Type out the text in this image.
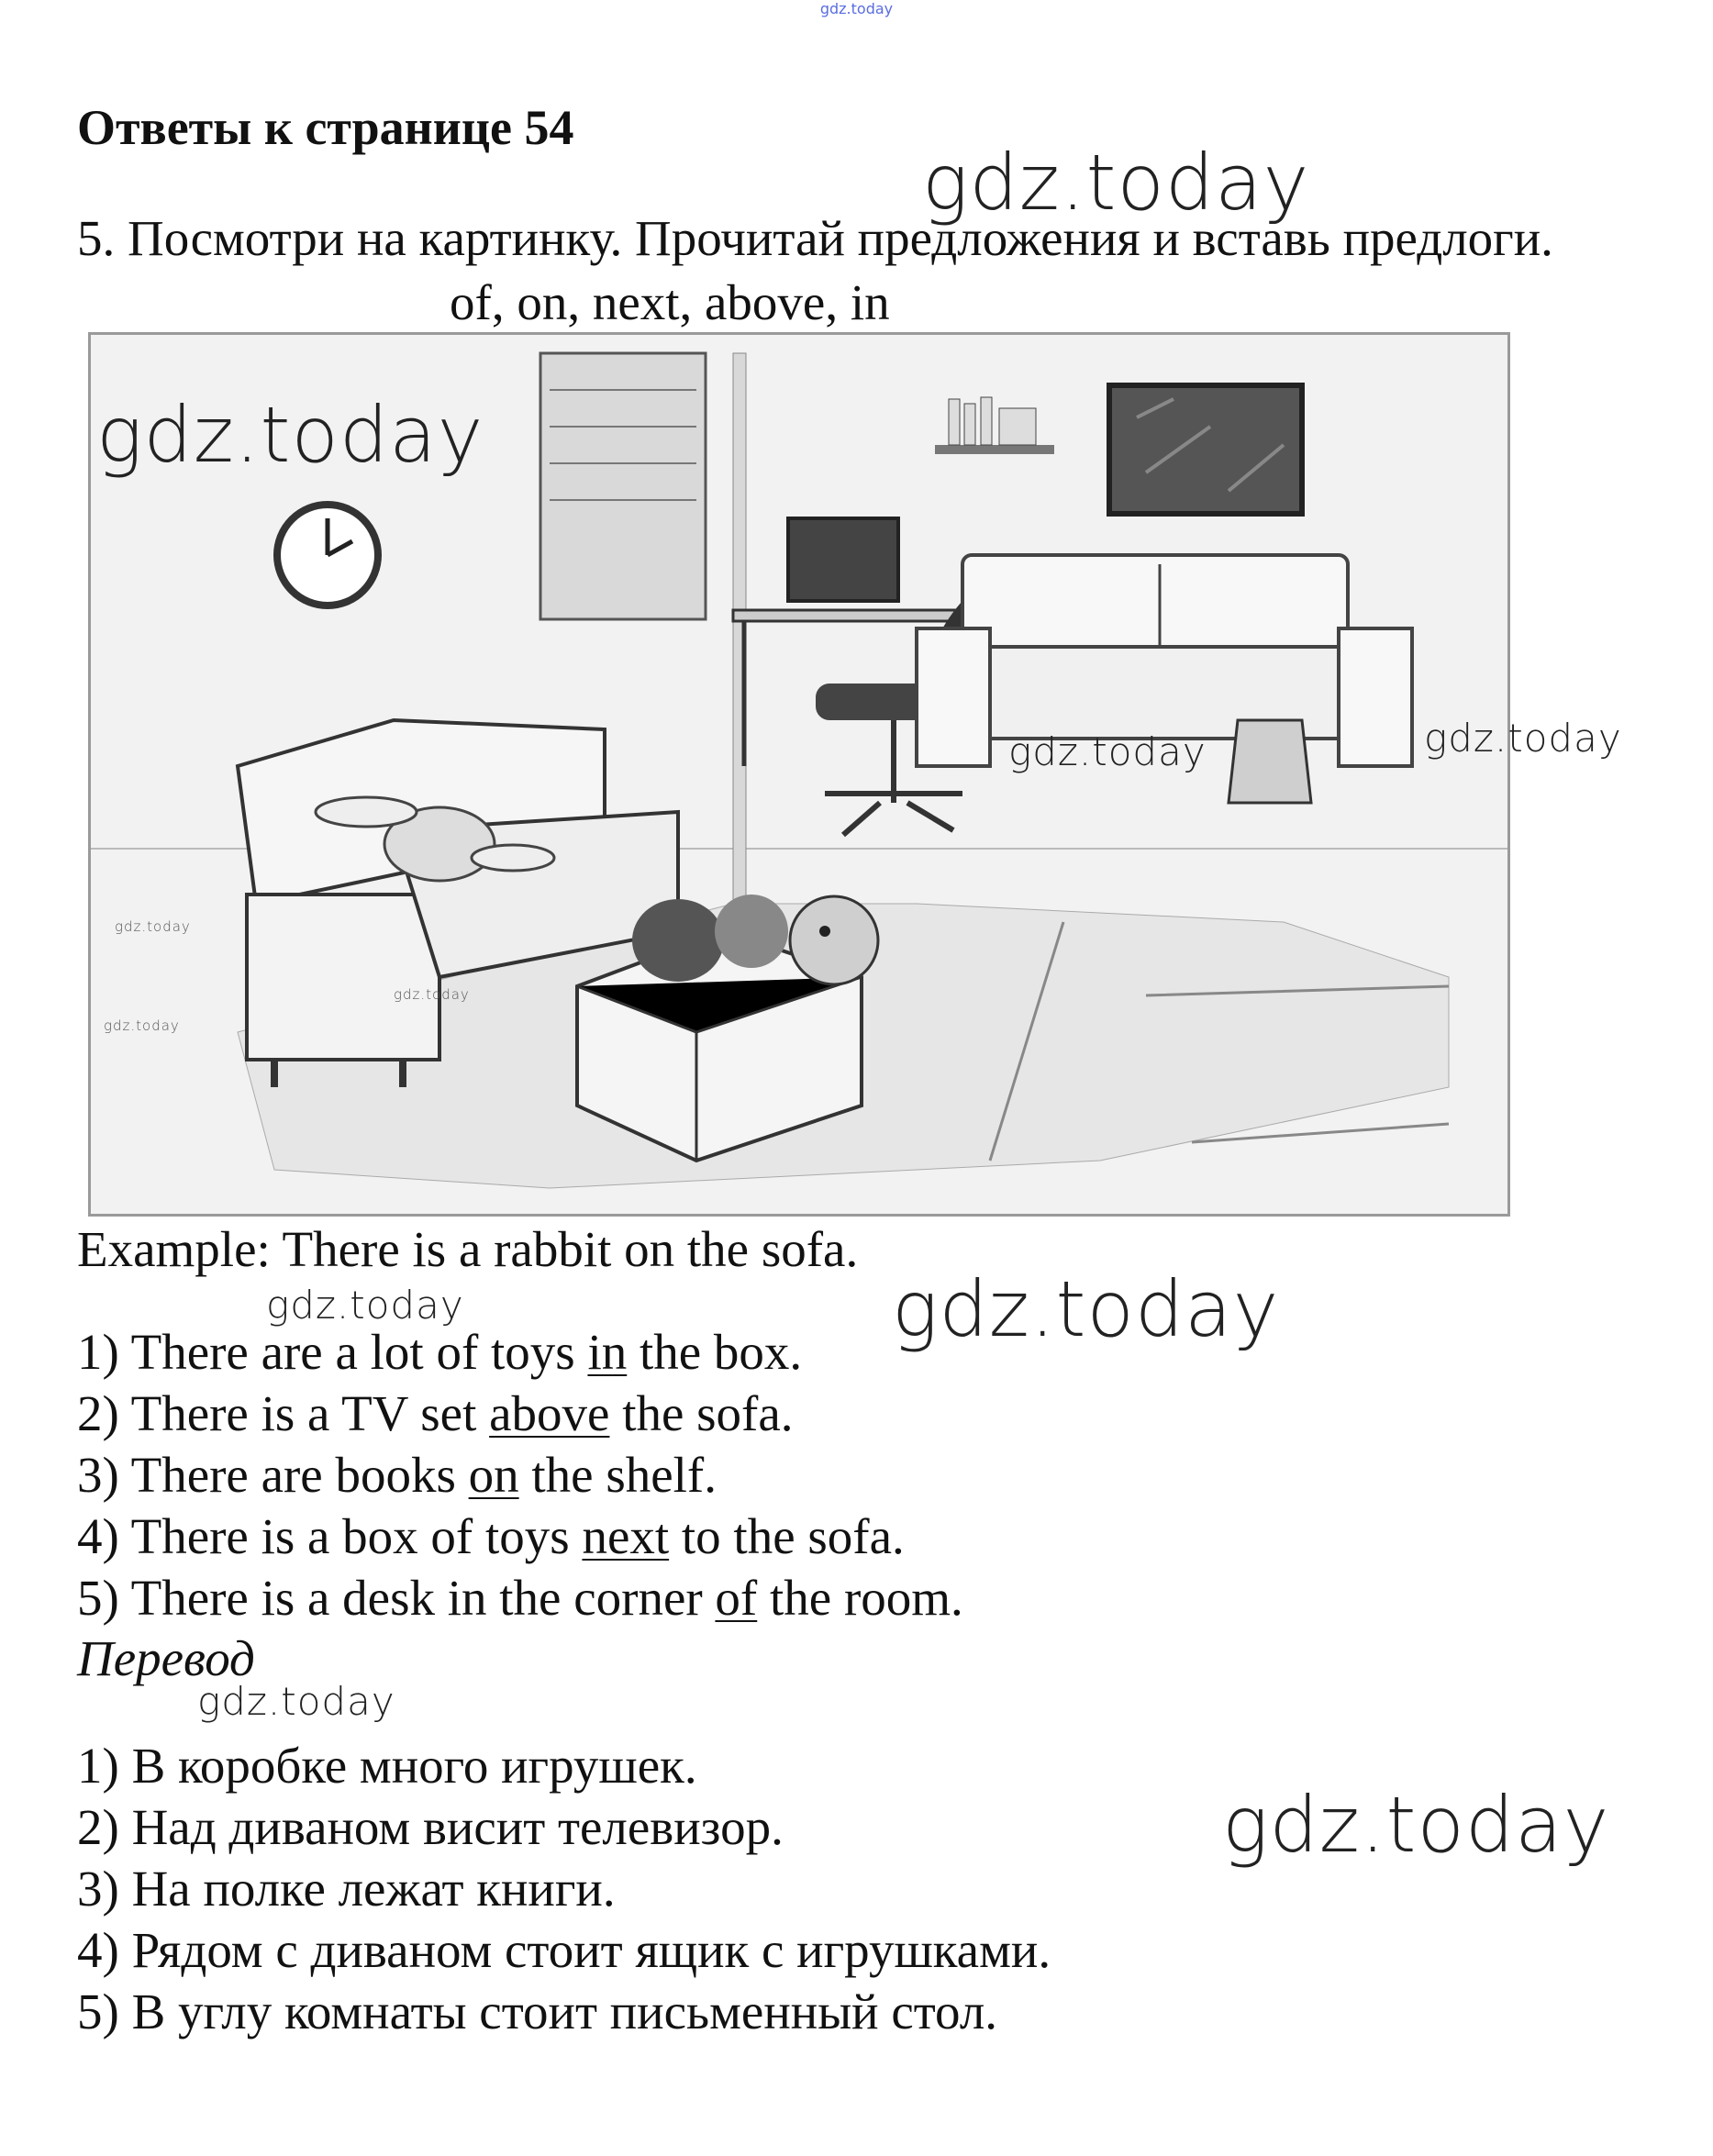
gdz.today
Ответы к странице 54
gdz.today
5. Посмотри на картинку. Прочитай предложения и вставь предлоги.
of, on, next, above, in
gdz.today
gdz.today
gdz.today
gdz.today
gdz.today
gdz.today
Example: There is a rabbit on the sofa.
gdz.today	gdz.today
1) There are a lot of toys in the box.
2) There is a TV set above the sofa.
3) There are books on the shelf.
4) There is a box of toys next to the sofa.
5) There is a desk in the corner of the room.
Перевод
gdz.today
1) В коробке много игрушек.
2) Над диваном висит телевизор.	gdz.today
3) На полке лежат книги.
4) Рядом с диваном стоит ящик с игрушками.
5) В углу комнаты стоит письменный стол.
